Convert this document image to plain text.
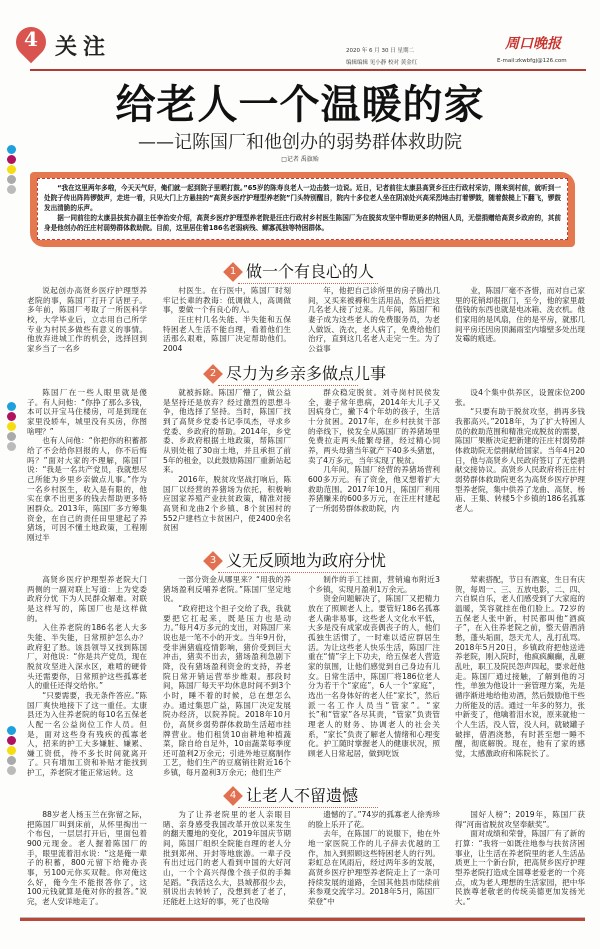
4 关注	2020 年 6 月 30 日 星期二
编辑编辑 见小静 校对 黄金红
周口晚报
E-mail:zkwbfgj@126.com
给老人一个温暖的家
——记陈国厂和他创办的弱势群体救助院
□记者 禹旗贻

“我在这里两年多啦，今天天气好，俺们就一起到院子里晒打鼓。”65岁的陈寿良老人一边击鼓一边说。近日，记者前往太康县高贤乡汪庄行政村采访，刚来到村前，就听到一处院子传出阵阵锣鼓声，走进一看，只见大门上方悬挂的“高贤乡医疗护理型养老院”门头特别醒目，院内十多位老人坐在阴凉处兴高采烈地击打着锣鼓，随着鼓槌上下翻飞，锣鼓发出清脆的乐声。

据一同前往的太康县扶贫办副主任李治安介绍，高贤乡医疗护理型养老院是汪庄行政村乡村医生陈国厂为在脱贫攻坚中帮助更多的特困人员，无偿捐赠给高贤乡政府的，其前身是他创办的汪庄村弱势群体救助院。目前，这里居住着186名老弱病残、鳏寡孤独等特困群体。

1 做一个有良心的人

说起创办高贤乡医疗护理型养老院的事，陈国厂打开了话匣子。多年前，陈国厂考取了一所医科学校，大学毕业后，立志用自己所学专业为村民多做些有意义的事情。他放弃进城工作的机会，选择回到家乡当了一名乡

村医生。在行医中，陈国厂时刻牢记长辈的教诲：低调做人，高调做事，要做一个有良心的人。

汪庄村几名失能、半失能和五保特困老人生活不能自理，看着他们生活那么艰难，陈国厂决定帮助他们。2004

年，他把自己诊所里的房子腾出几间，又买来被褥和生活用品，然后把这几名老人接了过来。几年间，陈国厂和妻子成为这些老人的免费服务员，为老人做饭、洗衣，老人病了，免费给他们治疗，直到这几名老人走完一生。为了公益事

业，陈国厂毫不吝惜，而对自己家里的花销却很抠门，至今，他的家里最值钱的东西也就是电冰箱、洗衣机。他们家用的是风扇，住的是平房，就那几间平房还因房顶漏雨室内墙壁多处出现发霉的痕迹。

2 尽力为乡亲多做点儿事

陈国厂在一些人眼里就是傻子。有人问他：“你挣了那么多钱，本可以开宝马住楼房，可是到现在家里没轿车，城里没有买房，你图啥哩？”

也有人问他：“你把你的积蓄都给了不会给你回报的人，你不后悔吗？”面对大家的不理解，陈国厂说：“我是一名共产党员，我就想尽己所能为乡里乡亲做点儿事。”作为一名乡村医生，收入是有限的，他实在拿不出更多的钱去帮助更多特困群众。2013年，陈国厂多方筹集资金，在自己的责任田里建起了养猪场，可因不懂土地政策，工程刚刚过半

就被拆除。陈国厂懵了，做公益是坚持还是放弃？经过激烈的思想斗争，他选择了坚持。当时，陈国厂找到了高贤乡党委书记李凤杰，寻求乡党委、乡政府的帮助。2014年，乡党委、乡政府根据土地政策，帮陈国厂从别处租了30亩土地，并且承担了前5年的租金，以此鼓励陈国厂重新站起来。

2016年，脱贫攻坚战打响后，陈国厂以经营的养猪场为依托，积极响应国家养殖产业扶贫政策，精准对接高贤和龙曲2个乡镇、8个贫困村的552户建档立卡贫困户，使2400余名贫困

群众稳定脱贫。刘寺岗村民侯发全，妻子常年患病，2014年大儿子又因病身亡，撇下4个年幼的孩子，生活十分贫困。2017年，在乡村扶贫干部的牵线下，侯发全从陈国厂的养猪场里免费拉走两头能繁母猪，经过精心饲养，两头母猪当年就产下40多头猪崽，卖了4万多元，当年实现了脱贫。

几年间，陈国厂经营的养猪场营利600多万元。有了资金，他又想着扩大救助范围。2017年10月，陈国厂利用养猪赚来的600多万元，在汪庄村建起了一所弱势群体救助院，内

设4个集中供养区，设置床位200张。

“只要有助于脱贫攻坚，捐再多钱我都高兴。”2018年，为了扩大特困人员的救助范围和精准完成脱贫的需要，陈国厂果断决定把新建的汪庄村弱势群体救助院无偿捐献给国家。当年4月20日，他与高贤乡人民政府签订了无偿捐献交接协议。高贤乡人民政府将汪庄村弱势群体救助院更名为高贤乡医疗护理型养老院，集中供养了龙曲、高贤、杨庙、王集、转楼5个乡镇的186名孤寡老人。

3 义无反顾地为政府分忧

高贤乡医疗护理型养老院大门两侧的一副对联上写道：上为党委政府分忧 下为人民群众解难。对联是这样写的，陈国厂也是这样做的。

入住养老院的186名老人大多失能、半失能，日常照护怎么办？政府犯了愁。该县领导又找到陈国厂，对他说：“你是共产党员，现在脱贫攻坚进入深水区，难啃的硬骨头还需要你，日常照护这些孤寡老人的重任还得交给你。”

“只要需要，我无条件答应。”陈国厂爽快地接下了这一重任。太康县还为入住养老院的每10名五保老人配一名公益岗位工作人员。但是，面对这些身有残疾的孤寡老人，招来的护工大多嫌脏、嫌累、嫌工资低，待不多长时间就离开了。只有增加工资和补贴才能找到护工，养老院才能正常运转。这

一部分资金从哪里来？“用我的养猪场盈利反哺养老院。”陈国厂坚定地说。

“政府把这个担子交给了我，我就要把它扛起来，既是压力也是动力。”每月4万多元的支出，对陈国厂来说也是一笔不小的开支。当年9月份，受非洲猪瘟疫情影响，猪价受到巨大冲击，猪卖不出去，猪场盈利急剧下降，没有猪场盈利资金的支持，养老院日常开销运营举步维艰。那段时间，陈国厂每天平均休息时间不到3个小时，睡不着的时候，总在想怎么办。通过集思广益，陈国厂决定发展院办经济，以院养院。2018年10月份，高贤乡弱势群体救助生活超市挂牌营业。他们租赁10亩耕地种植蔬菜，除自给自足外，10亩蔬菜每季度还可盈利2万余元；引进外地豆腐制作工艺，他们生产的豆腐销往附近16个乡镇，每月盈利3万余元；他们生产

制作的手工挂面，营销遍布附近3个乡镇，实现月盈利1万余元。

资金问题解决了，陈国厂又把精力放在了照顾老人上。要管好186名孤寡老人确非易事，这些老人文化水平低，大多是没有成家或丧偶丧子的人，他们孤独生活惯了，一时难以适应群居生活。为让这些老人快乐生活，陈国厂注重在“情”字上下功夫，给五保老人营造家的氛围，让他们感觉到自己身边有儿女。日常生活中，陈国厂将186位老人分为若干个“家庭”，6人一个“家庭”，选出一名身体好的老人任“家长”，然后派一名工作人员当“管家”。“家长”和“管家”各尽其责，“管家”负责管理老人的财务、协调老人的社会关系，“家长”负责了解老人情绪和心理变化。护工随时掌握老人的健康状况，照顾老人日常起居，做到吃饭

荤素搭配，节日有酒宴，生日有庆贺，每周一、三、五放电影，二、四、六自娱自乐，老人们感受到了大家庭的温暖，笑容就挂在他们脸上。72岁的五保老人张中新，村民都叫他“酒疯子”，在入住养老院之前，整天借酒消愁，蓬头垢面，怨天尤人，乱打乱骂。2018年5月20日，乡镇政府把他送进养老院，刚入院时，他疯疯癫癫，乱砸乱吐，职工及院民怨声四起，要求赶他走。陈国厂通过接触，了解到他的习性，单独为他设计一套管理方案，先是循序渐进地给他劝酒，然后鼓励他干些力所能及的活。通过一年多的努力，张中新变了，他噙着泪水说，原来就他一个人生活，没人管，没人问，就破罐子破摔，借酒浇愁，有时甚至想一睡不醒，彻底解脱。现在，他有了家的感觉，太感激政府和陈院长了。

4 让老人不留遗憾

88岁老人杨玉兰在弥留之际，把陈国厂叫到床前，从怀里掏出一个布包，一层层打开后，里面包着900元现金。老人握着陈国厂的手，眼里流着泪水说：“这是俺一辈子的积蓄，800元留下给俺办丧事，另100元你买双鞋。你对俺这么好，俺今生不能报答你了，这100元钱就算是俺对你的报答。”说完，老人安详地走了。

为了让养老院里的老人亲眼目睹、亲身感受我国改革开放以来发生的翻天覆地的变化，2019年国庆节期间，陈国厂组织全院能自理的老人分批到郑州、开封等地旅游。一辈子没有出过远门的老人看到中国的大好河山，一个个高兴得像个孩子似的手舞足蹈。“我活这么大，县城都很少去，别说出去转转了，没想到老了老了，还能赶上这好的事，死了也没啥

遗憾的了。”74岁的孤寡老人徐秀珍的脸上乐开了花。

去年，在陈国厂的说服下，他在外地一家医院工作的儿子辞去优越的工作，加入到照顾这些特困老人的行列。彩虹总在风雨后，经过两年多的发展，高贤乡医疗护理型养老院走上了一条可持续发展的道路，全国其他县市陆续前来参观交流学习。2018年5月，陈国厂荣登“中

国好人榜”；2019年，陈国厂获得“河南省脱贫攻坚奉献奖”。

面对成绩和荣誉，陈国厂有了新的打算：“我将一如既往地参与扶贫济困事业，让生活在养老院里的老人生活品质更上一个新台阶，把高贤乡医疗护理型养老院打造成全国尊老爱老的一个亮点，成为老人理想的生活家园，把中华民族尊老敬老的传统美德更加发扬光大。”
